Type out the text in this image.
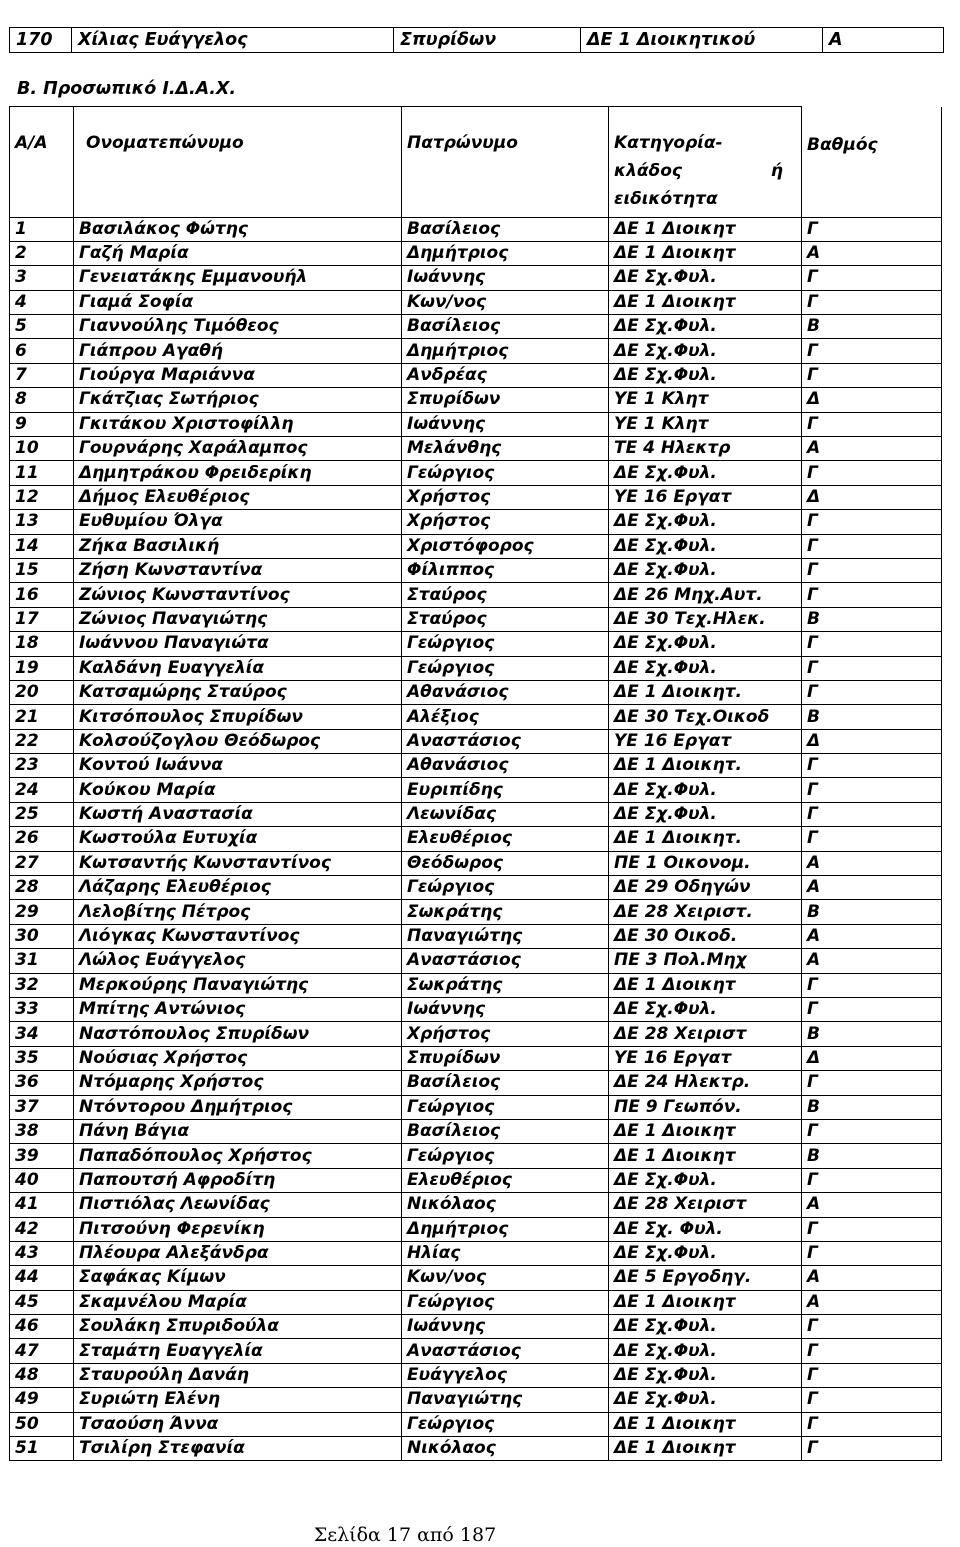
170	Χίλιας Ευάγγελος	Σπυρίδων	ΔΕ 1 Διοικητικού	Α
Β. Προσωπικό Ι.Δ.Α.Χ.
Α/Α	Ονοματεπώνυμο	Πατρώνυμο	Κατηγορία-
κλάδος ή
ειδικότητα	Βαθμός
1	Βασιλάκος Φώτης	Βασίλειος	ΔΕ 1 Διοικητ	Γ
2	Γαζή Μαρία	Δημήτριος	ΔΕ 1 Διοικητ	Α
3	Γενειατάκης Εμμανουήλ	Ιωάννης	ΔΕ Σχ.Φυλ.	Γ
4	Γιαμά Σοφία	Κων/νος	ΔΕ 1 Διοικητ	Γ
5	Γιαννούλης Τιμόθεος	Βασίλειος	ΔΕ Σχ.Φυλ.	Β
6	Γιάπρου Αγαθή	Δημήτριος	ΔΕ Σχ.Φυλ.	Γ
7	Γιούργα Μαριάννα	Ανδρέας	ΔΕ Σχ.Φυλ.	Γ
8	Γκάτζιας Σωτήριος	Σπυρίδων	ΥΕ 1 Κλητ	Δ
9	Γκιτάκου Χριστοφίλλη	Ιωάννης	ΥΕ 1 Κλητ	Γ
10	Γουρνάρης Χαράλαμπος	Μελάνθης	ΤΕ 4 Ηλεκτρ	Α
11	Δημητράκου Φρειδερίκη	Γεώργιος	ΔΕ Σχ.Φυλ.	Γ
12	Δήμος Ελευθέριος	Χρήστος	ΥΕ 16 Εργατ	Δ
13	Ευθυμίου Όλγα	Χρήστος	ΔΕ Σχ.Φυλ.	Γ
14	Ζήκα Βασιλική	Χριστόφορος	ΔΕ Σχ.Φυλ.	Γ
15	Ζήση Κωνσταντίνα	Φίλιππος	ΔΕ Σχ.Φυλ.	Γ
16	Ζώνιος Κωνσταντίνος	Σταύρος	ΔΕ 26 Μηχ.Αυτ.	Γ
17	Ζώνιος Παναγιώτης	Σταύρος	ΔΕ 30 Τεχ.Ηλεκ.	Β
18	Ιωάννου Παναγιώτα	Γεώργιος	ΔΕ Σχ.Φυλ.	Γ
19	Καλδάνη Ευαγγελία	Γεώργιος	ΔΕ Σχ.Φυλ.	Γ
20	Κατσαμώρης Σταύρος	Αθανάσιος	ΔΕ 1 Διοικητ.	Γ
21	Κιτσόπουλος Σπυρίδων	Αλέξιος	ΔΕ 30 Τεχ.Οικοδ	Β
22	Κολσούζογλου Θεόδωρος	Αναστάσιος	ΥΕ 16 Εργατ	Δ
23	Κοντού Ιωάννα	Αθανάσιος	ΔΕ 1 Διοικητ.	Γ
24	Κούκου Μαρία	Ευριπίδης	ΔΕ Σχ.Φυλ.	Γ
25	Κωστή Αναστασία	Λεωνίδας	ΔΕ Σχ.Φυλ.	Γ
26	Κωστούλα Ευτυχία	Ελευθέριος	ΔΕ 1 Διοικητ.	Γ
27	Κωτσαντής Κωνσταντίνος	Θεόδωρος	ΠΕ 1 Οικονομ.	Α
28	Λάζαρης Ελευθέριος	Γεώργιος	ΔΕ 29 Οδηγών	Α
29	Λελοβίτης Πέτρος	Σωκράτης	ΔΕ 28 Χειριστ.	Β
30	Λιόγκας Κωνσταντίνος	Παναγιώτης	ΔΕ 30 Οικοδ.	Α
31	Λώλος Ευάγγελος	Αναστάσιος	ΠΕ 3 Πολ.Μηχ	Α
32	Μερκούρης Παναγιώτης	Σωκράτης	ΔΕ 1 Διοικητ	Γ
33	Μπίτης Αντώνιος	Ιωάννης	ΔΕ Σχ.Φυλ.	Γ
34	Ναστόπουλος Σπυρίδων	Χρήστος	ΔΕ 28 Χειριστ	Β
35	Νούσιας Χρήστος	Σπυρίδων	ΥΕ 16 Εργατ	Δ
36	Ντόμαρης Χρήστος	Βασίλειος	ΔΕ 24 Ηλεκτρ.	Γ
37	Ντόντορου Δημήτριος	Γεώργιος	ΠΕ 9 Γεωπόν.	Β
38	Πάνη Βάγια	Βασίλειος	ΔΕ 1 Διοικητ	Γ
39	Παπαδόπουλος Χρήστος	Γεώργιος	ΔΕ 1 Διοικητ	Β
40	Παπουτσή Αφροδίτη	Ελευθέριος	ΔΕ Σχ.Φυλ.	Γ
41	Πιστιόλας Λεωνίδας	Νικόλαος	ΔΕ 28 Χειριστ	Α
42	Πιτσούνη Φερενίκη	Δημήτριος	ΔΕ Σχ. Φυλ.	Γ
43	Πλέουρα Αλεξάνδρα	Ηλίας	ΔΕ Σχ.Φυλ.	Γ
44	Σαφάκας Κίμων	Κων/νος	ΔΕ 5 Εργοδηγ.	Α
45	Σκαμνέλου Μαρία	Γεώργιος	ΔΕ 1 Διοικητ	Α
46	Σουλάκη Σπυριδούλα	Ιωάννης	ΔΕ Σχ.Φυλ.	Γ
47	Σταμάτη Ευαγγελία	Αναστάσιος	ΔΕ Σχ.Φυλ.	Γ
48	Σταυρούλη Δανάη	Ευάγγελος	ΔΕ Σχ.Φυλ.	Γ
49	Συριώτη Ελένη	Παναγιώτης	ΔΕ Σχ.Φυλ.	Γ
50	Τσαούση Άννα	Γεώργιος	ΔΕ 1 Διοικητ	Γ
51	Τσιλίρη Στεφανία	Νικόλαος	ΔΕ 1 Διοικητ	Γ
Σελίδα 17 από 187
